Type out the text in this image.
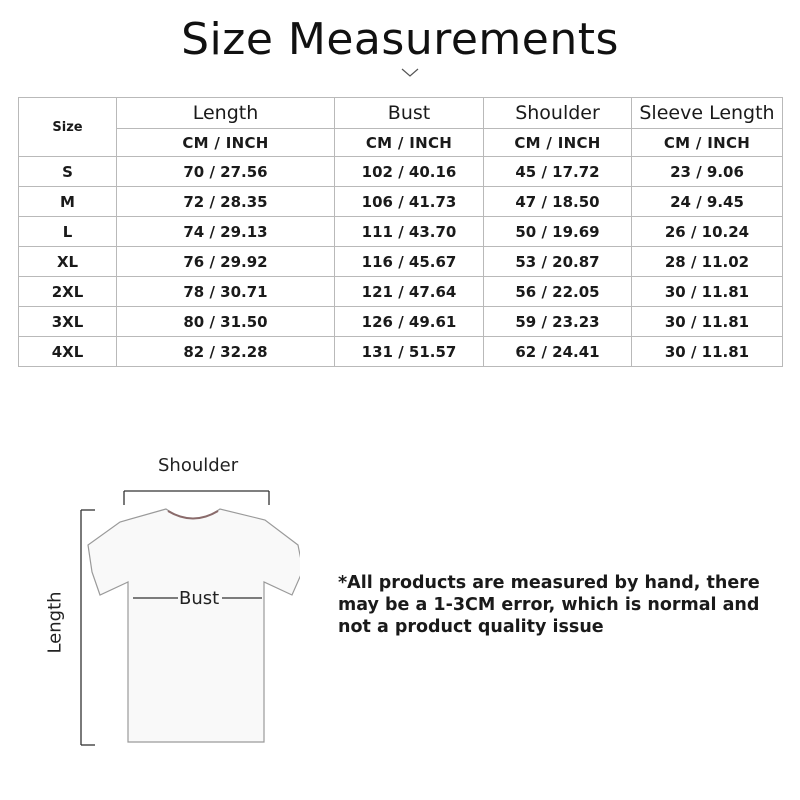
Size Measurements
Size	Length	Bust	Shoulder	Sleeve Length
	CM / INCH	CM / INCH	CM / INCH	CM / INCH
S	70 / 27.56	102 / 40.16	45 / 17.72	23 / 9.06
M	72 / 28.35	106 / 41.73	47 / 18.50	24 / 9.45
L	74 / 29.13	111 / 43.70	50 / 19.69	26 / 10.24
XL	76 / 29.92	116 / 45.67	53 / 20.87	28 / 11.02
2XL	78 / 30.71	121 / 47.64	56 / 22.05	30 / 11.81
3XL	80 / 31.50	126 / 49.61	59 / 23.23	30 / 11.81
4XL	82 / 32.28	131 / 51.57	62 / 24.41	30 / 11.81
Shoulder
Bust
Length
*All products are measured by hand, there may be a 1-3CM error, which is normal and not a product quality issue
